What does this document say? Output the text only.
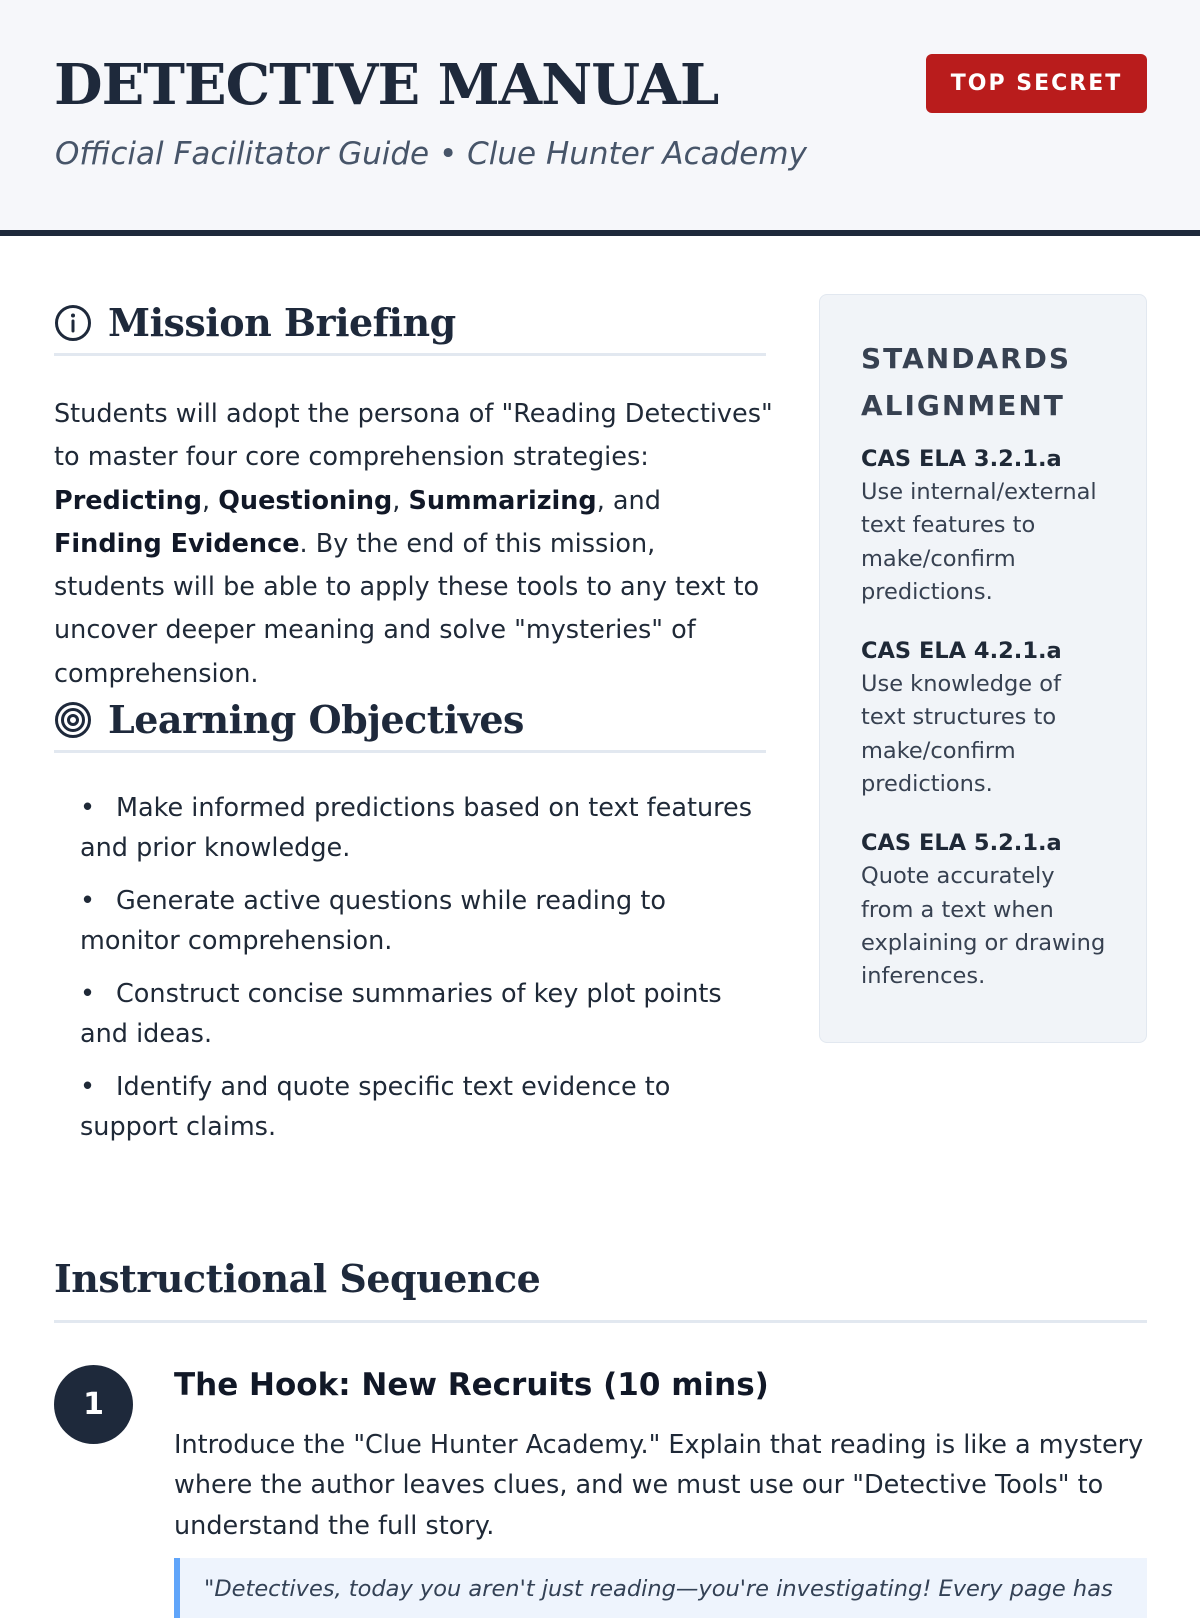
DETECTIVE MANUAL
Official Facilitator Guide • Clue Hunter Academy
TOP SECRET
Mission Briefing

Students will adopt the persona of "Reading Detectives" to master four core comprehension strategies: Predicting, Questioning, Summarizing, and Finding Evidence. By the end of this mission, students will be able to apply these tools to any text to uncover deeper meaning and solve "mysteries" of comprehension.

Learning Objectives
• Make informed predictions based on text features and prior knowledge.
• Generate active questions while reading to monitor comprehension.
• Construct concise summaries of key plot points and ideas.
• Identify and quote specific text evidence to support claims.
STANDARDS ALIGNMENT
CAS ELA 3.2.1.a
Use internal/external text features to make/confirm predictions.
CAS ELA 4.2.1.a
Use knowledge of text structures to make/confirm predictions.
CAS ELA 5.2.1.a
Quote accurately from a text when explaining or drawing inferences.
Instructional Sequence
1
The Hook: New Recruits (10 mins)

Introduce the "Clue Hunter Academy." Explain that reading is like a mystery where the author leaves clues, and we must use our "Detective Tools" to understand the full story.

"Detectives, today you aren't just reading—you're investigating! Every page has
